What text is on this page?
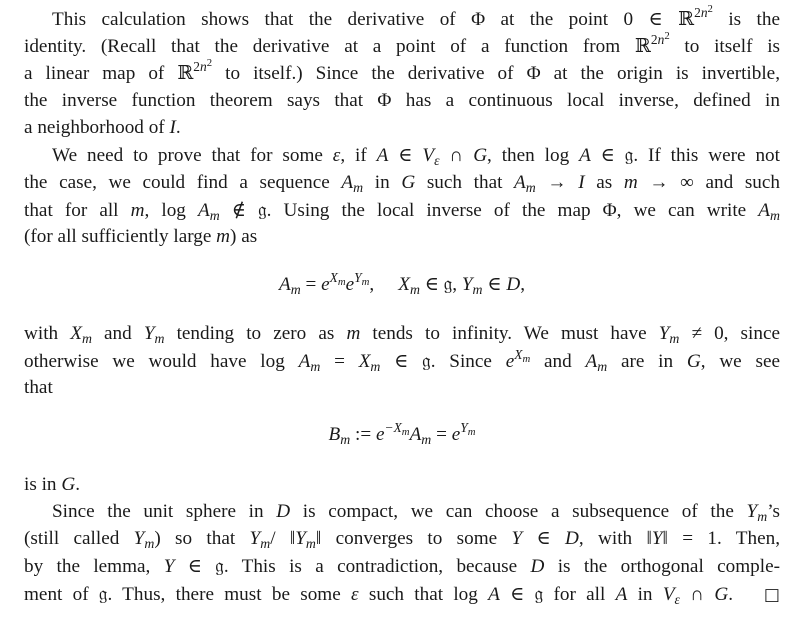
This calculation shows that the derivative of Φ at the point 0 ∈ ℝ$^{2n^2}$ is the
identity. (Recall that the derivative at a point of a function from ℝ$^{2n^2}$ to itself is
a linear map of ℝ$^{2n^2}$ to itself.) Since the derivative of Φ at the origin is invertible,
the inverse function theorem says that Φ has a continuous local inverse, defined in
a neighborhood of I.
We need to prove that for some ε, if A ∈ $V_\varepsilon$ ∩ G, then log A ∈ 𝔤. If this were not
the case, we could find a sequence $A_m$ in G such that $A_m \to I$ as m → ∞ and such
that for all m, $\log A_m$ ∉ 𝔤. Using the local inverse of the map Φ, we can write $A_m$
(for all sufficiently large m) as
$A_m = e^{X_m}e^{Y_m}$,     $X_m$ ∈ 𝔤, $Y_m$ ∈ D,
with $X_m$ and $Y_m$ tending to zero as m tends to infinity. We must have $Y_m \ne 0$, since
otherwise we would have $\log A_m = X_m$ ∈ 𝔤. Since $e^{X_m}$ and $A_m$ are in G, we see
that
$B_m$ := $e^{-X_m}A_m = e^{Y_m}$
is in G.
Since the unit sphere in D is compact, we can choose a subsequence of the $Y_m’s$
(still called $Y_m$) so that $Y_m/$ $‖Y_m‖$ converges to some Y ∈ D, with ‖Y‖ = 1. Then,
by the lemma, Y ∈ 𝔤. This is a contradiction, because D is the orthogonal comple-
ment of 𝔤. Thus, there must be some ε such that log A ∈ 𝔤 for all A in $V_\varepsilon$ ∩ G.   □
